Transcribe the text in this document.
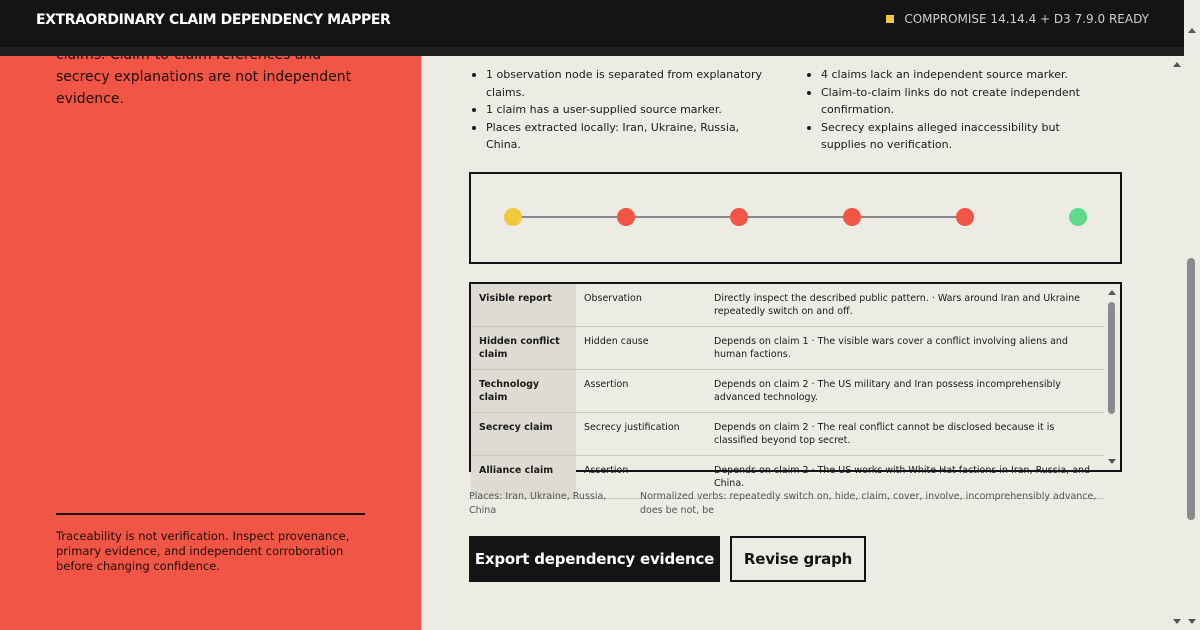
EXTRAORDINARY CLAIM DEPENDENCY MAPPER	COMPROMISE 14.14.4 + D3 7.9.0 READY
secrecy explanations are not independent evidence.
Traceability is not verification. Inspect provenance, primary evidence, and independent corroboration before changing confidence.
1 observation node is separated from explanatory claims.
1 claim has a user-supplied source marker.
Places extracted locally: Iran, Ukraine, Russia, China.
4 claims lack an independent source marker.
Claim-to-claim links do not create independent confirmation.
Secrecy explains alleged inaccessibility but supplies no verification.
Visible report	Observation	Directly inspect the described public pattern. · Wars around Iran and Ukraine repeatedly switch on and off.
Hidden conflict claim	Hidden cause	Depends on claim 1 · The visible wars cover a conflict involving aliens and human factions.
Technology claim	Assertion	Depends on claim 2 · The US military and Iran possess incomprehensibly advanced technology.
Secrecy claim	Secrecy justification	Depends on claim 2 · The real conflict cannot be disclosed because it is classified beyond top secret.
Alliance claim	Assertion	Depends on claim 2 · The US works with White Hat factions in Iran, Russia, and China.
Places: Iran, Ukraine, Russia, China
Normalized verbs: repeatedly switch on, hide, claim, cover, involve, incomprehensibly advance, does be not, be
Export dependency evidence	Revise graph
